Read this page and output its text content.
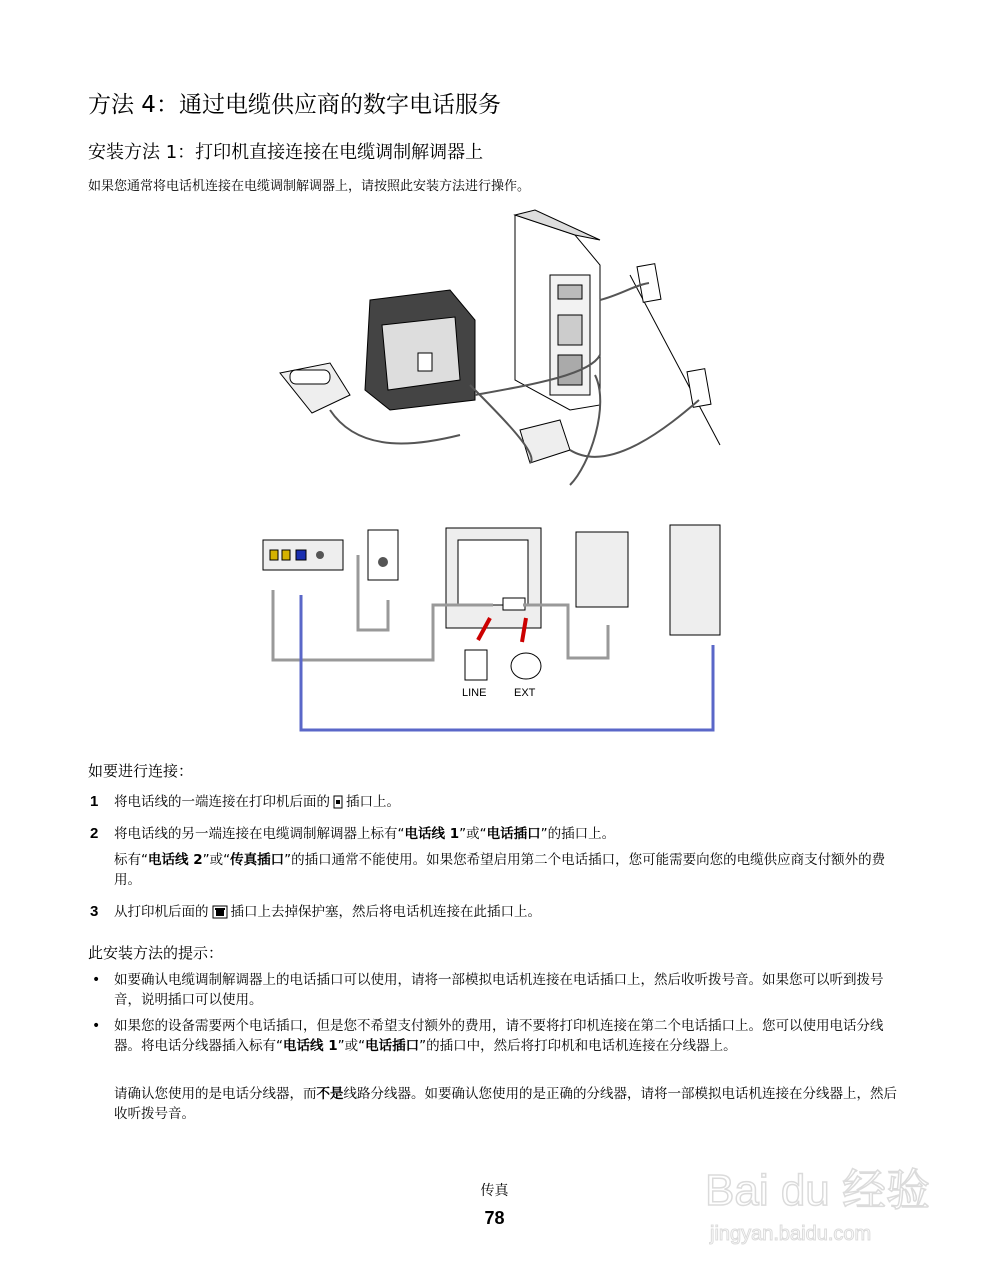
方法 4：通过电缆供应商的数字电话服务
安装方法 1：打印机直接连接在电缆调制解调器上

如果您通常将电话机连接在电缆调制解调器上，请按照此安装方法进行操作。

LINE	EXT
如要进行连接：
1 将电话线的一端连接在打印机后面的 插口上。
2 将电话线的另一端连接在电缆调制解调器上标有“电话线 1”或“电话插口”的插口上。
标有“电话线 2”或“传真插口”的插口通常不能使用。如果您希望启用第二个电话插口，您可能需要向您的电缆供应商支付额外的费用。
3 从打印机后面的 插口上去掉保护塞，然后将电话机连接在此插口上。
此安装方法的提示：
• 如要确认电缆调制解调器上的电话插口可以使用，请将一部模拟电话机连接在电话插口上，然后收听拨号音。如果您可以听到拨号音，说明插口可以使用。
• 如果您的设备需要两个电话插口，但是您不希望支付额外的费用，请不要将打印机连接在第二个电话插口上。您可以使用电话分线器。将电话分线器插入标有“电话线 1”或“电话插口”的插口中，然后将打印机和电话机连接在分线器上。
请确认您使用的是电话分线器，而不是线路分线器。如要确认您使用的是正确的分线器，请将一部模拟电话机连接在分线器上，然后收听拨号音。
传真
78
Bai du 经验
jingyan.baidu.com
